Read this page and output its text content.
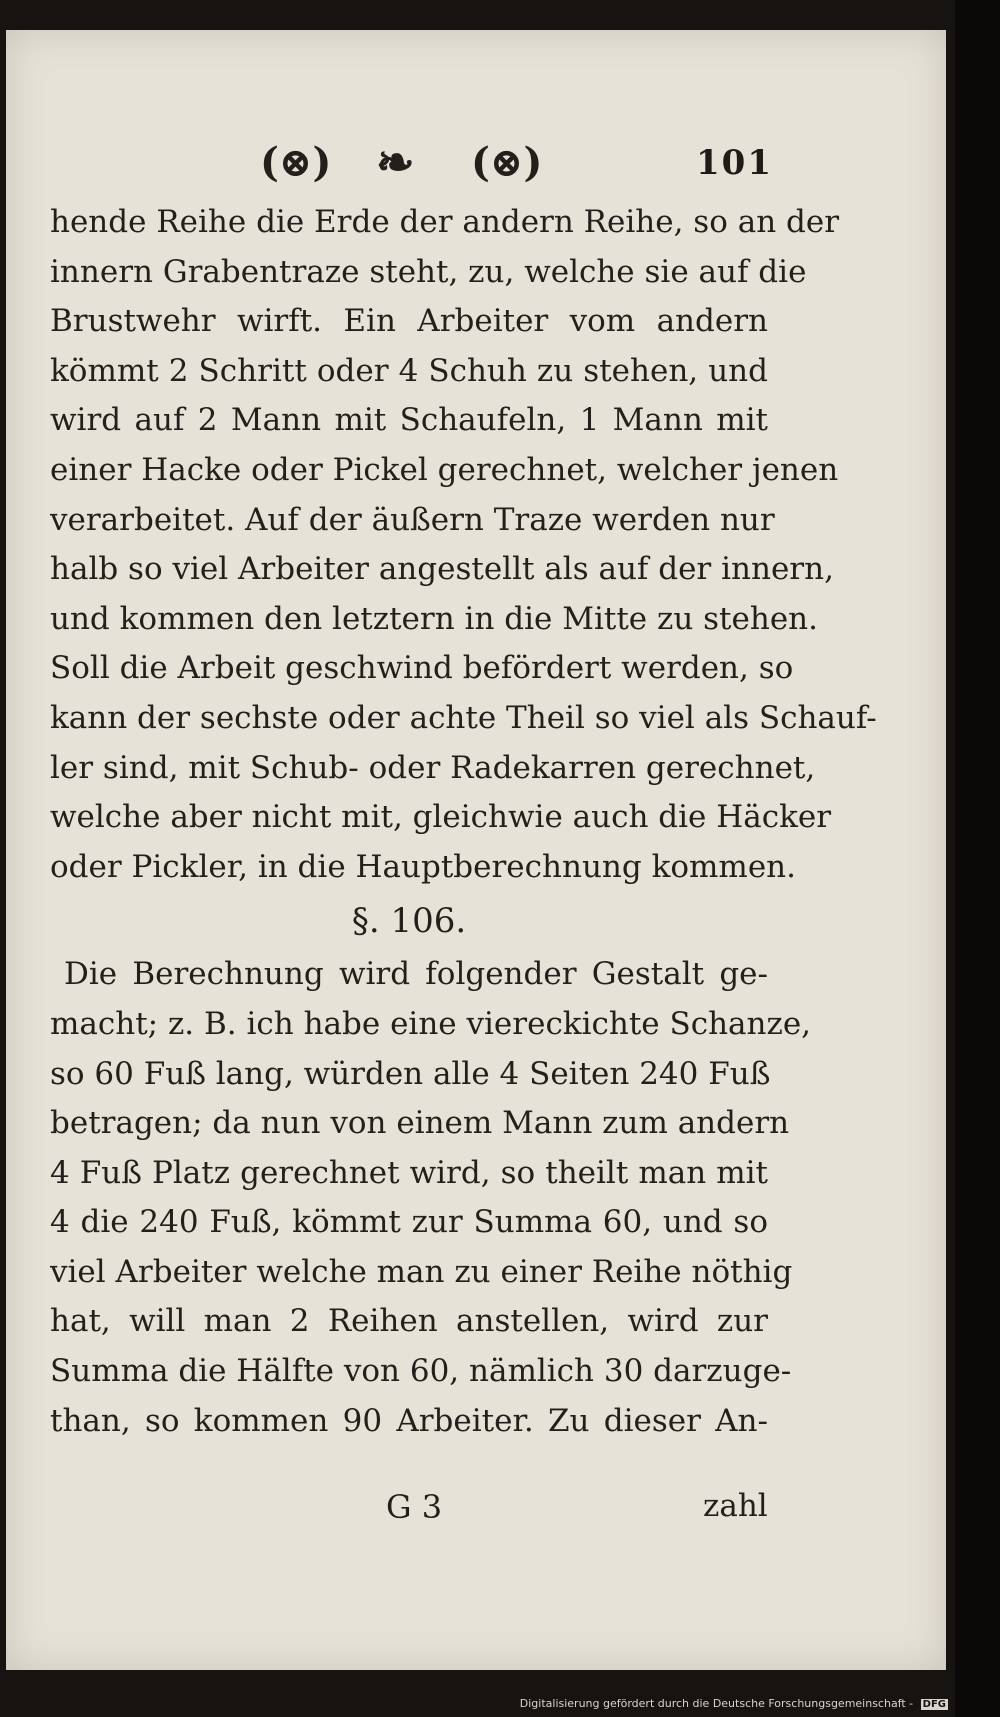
(⊗) ❧ (⊗)	101
hende Reihe die Erde der andern Reihe, so an der
innern Grabentraze steht, zu, welche sie auf die
Brustwehr wirft. Ein Arbeiter vom andern
kömmt 2 Schritt oder 4 Schuh zu stehen, und
wird auf 2 Mann mit Schaufeln, 1 Mann mit
einer Hacke oder Pickel gerechnet, welcher jenen
verarbeitet. Auf der äußern Traze werden nur
halb so viel Arbeiter angestellt als auf der innern,
und kommen den letztern in die Mitte zu stehen.
Soll die Arbeit geschwind befördert werden, so
kann der sechste oder achte Theil so viel als Schauf-
ler sind, mit Schub- oder Radekarren gerechnet,
welche aber nicht mit, gleichwie auch die Häcker
oder Pickler, in die Hauptberechnung kommen.
§. 106.
Die Berechnung wird folgender Gestalt ge-
macht; z. B. ich habe eine viereckichte Schanze,
so 60 Fuß lang, würden alle 4 Seiten 240 Fuß
betragen; da nun von einem Mann zum andern
4 Fuß Platz gerechnet wird, so theilt man mit
4 die 240 Fuß, kömmt zur Summa 60, und so
viel Arbeiter welche man zu einer Reihe nöthig
hat, will man 2 Reihen anstellen, wird zur
Summa die Hälfte von 60, nämlich 30 darzuge-
than, so kommen 90 Arbeiter. Zu dieser An-
G 3	zahl
Digitalisierung gefördert durch die Deutsche Forschungsgemeinschaft - DFG
